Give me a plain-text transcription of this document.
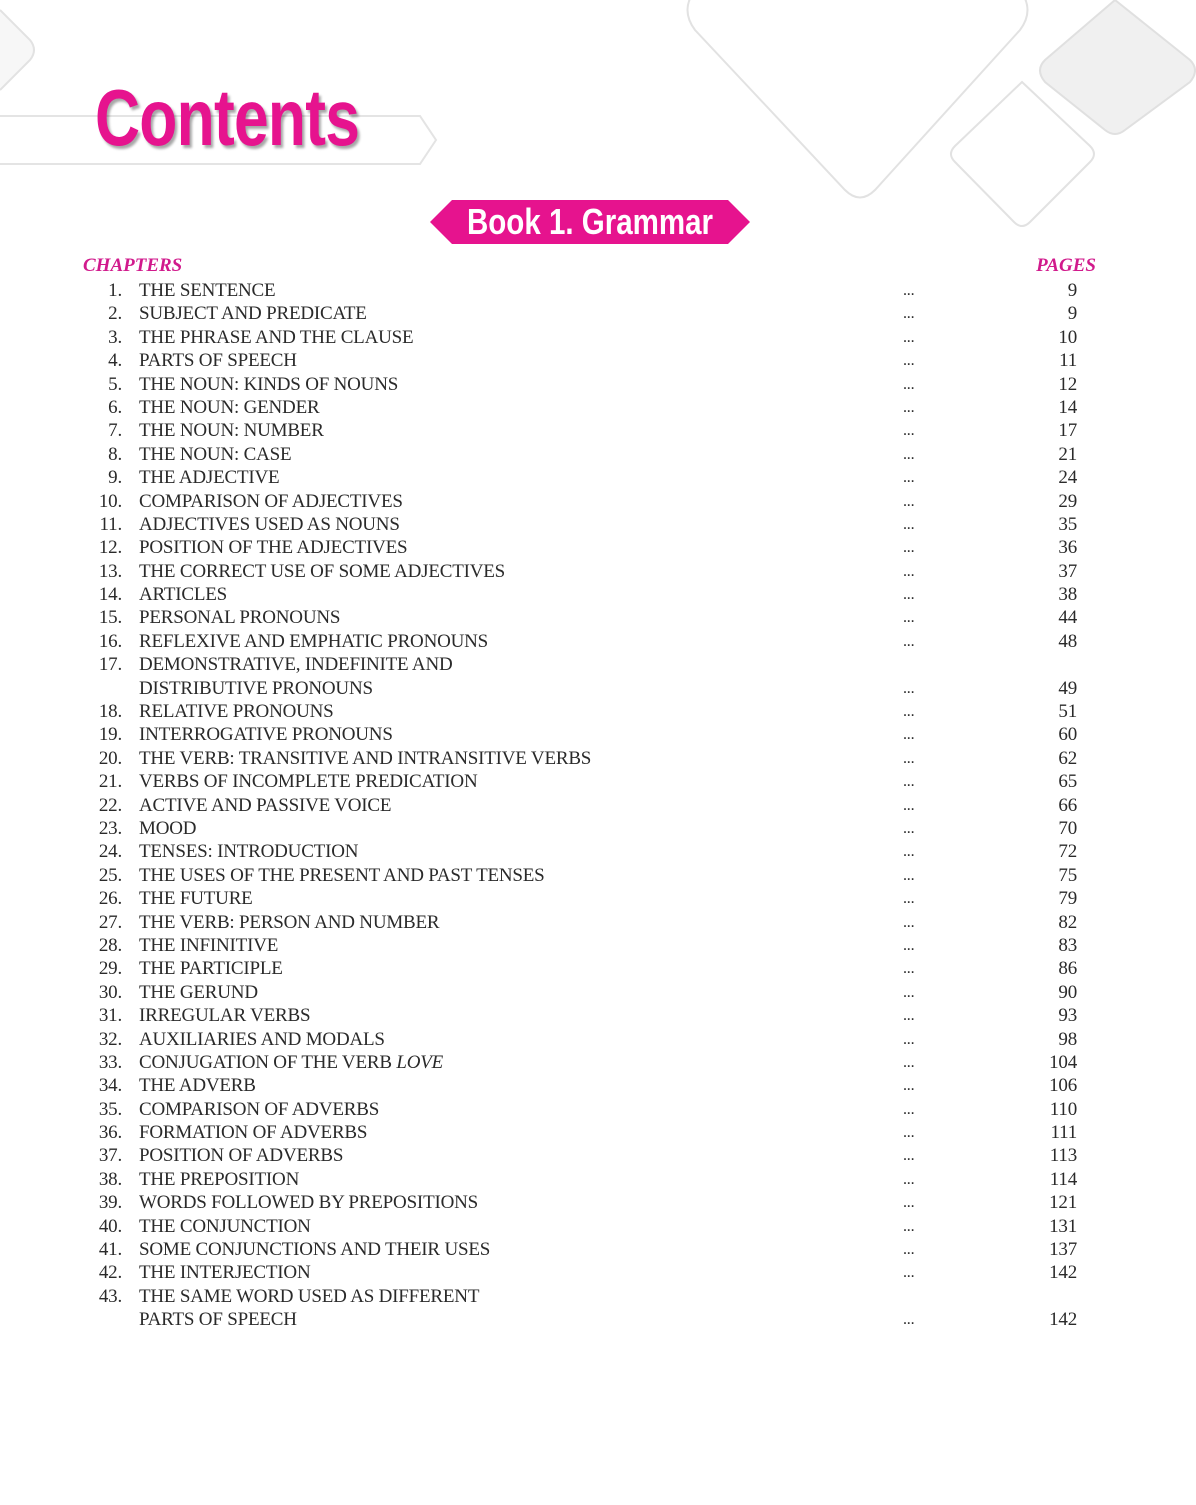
Contents
Book 1. Grammar
CHAPTERS	PAGES
1. THE SENTENCE	...	9
2. SUBJECT AND PREDICATE	...	9
3. THE PHRASE AND THE CLAUSE	...	10
4. PARTS OF SPEECH	...	11
5. THE NOUN: KINDS OF NOUNS	...	12
6. THE NOUN: GENDER	...	14
7. THE NOUN: NUMBER	...	17
8. THE NOUN: CASE	...	21
9. THE ADJECTIVE	...	24
10. COMPARISON OF ADJECTIVES	...	29
11. ADJECTIVES USED AS NOUNS	...	35
12. POSITION OF THE ADJECTIVES	...	36
13. THE CORRECT USE OF SOME ADJECTIVES	...	37
14. ARTICLES	...	38
15. PERSONAL PRONOUNS	...	44
16. REFLEXIVE AND EMPHATIC PRONOUNS	...	48
17. DEMONSTRATIVE, INDEFINITE AND
DISTRIBUTIVE PRONOUNS	...	49
18. RELATIVE PRONOUNS	...	51
19. INTERROGATIVE PRONOUNS	...	60
20. THE VERB: TRANSITIVE AND INTRANSITIVE VERBS	...	62
21. VERBS OF INCOMPLETE PREDICATION	...	65
22. ACTIVE AND PASSIVE VOICE	...	66
23. MOOD	...	70
24. TENSES: INTRODUCTION	...	72
25. THE USES OF THE PRESENT AND PAST TENSES	...	75
26. THE FUTURE	...	79
27. THE VERB: PERSON AND NUMBER	...	82
28. THE INFINITIVE	...	83
29. THE PARTICIPLE	...	86
30. THE GERUND	...	90
31. IRREGULAR VERBS	...	93
32. AUXILIARIES AND MODALS	...	98
33. CONJUGATION OF THE VERB LOVE	...	104
34. THE ADVERB	...	106
35. COMPARISON OF ADVERBS	...	110
36. FORMATION OF ADVERBS	...	111
37. POSITION OF ADVERBS	...	113
38. THE PREPOSITION	...	114
39. WORDS FOLLOWED BY PREPOSITIONS	...	121
40. THE CONJUNCTION	...	131
41. SOME CONJUNCTIONS AND THEIR USES	...	137
42. THE INTERJECTION	...	142
43. THE SAME WORD USED AS DIFFERENT
PARTS OF SPEECH	...	142
